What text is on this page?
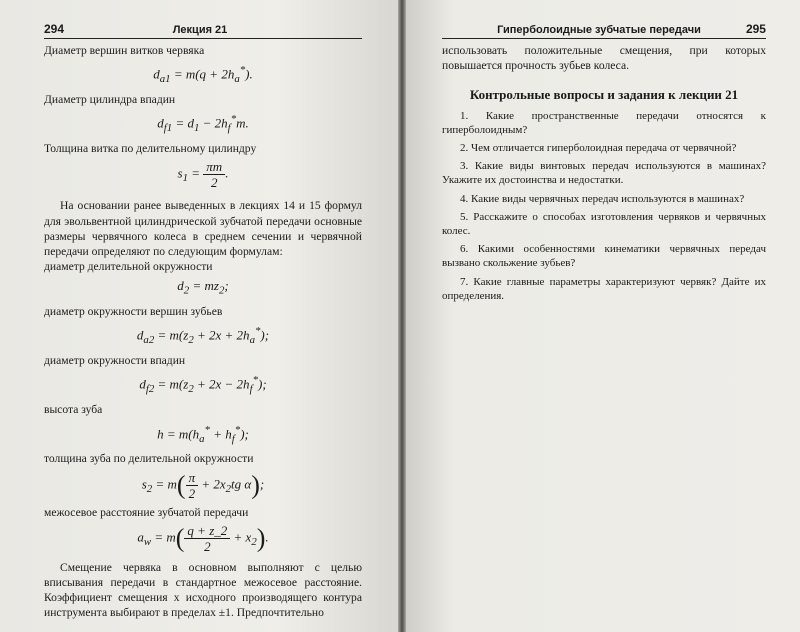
294	Лекция 21

Диаметр вершин витков червяка

$d_{a1} = m(q + 2h_a^*)$.

Диаметр цилиндра впадин

$d_{f1} = d_1 - 2h_f^*m$.

Толщина витка по делительному цилиндру

$s_1 = \frac{\pi m}{2}$ .

На основании ранее выведенных в лекциях 14 и 15 формул для эвольвентной цилиндрической зубчатой передачи основные размеры червячного колеса в среднем сечении и червячной передачи определяют по следующим формулам:

диаметр делительной окружности

$d_2 = mz_2$;

диаметр окружности вершин зубьев

$d_{a2} = m(z_2 + 2x + 2h_a^*)$;

диаметр окружности впадин

$d_{f2} = m(z_2 + 2x - 2h_f^*)$;

высота зуба

$h = m(h_a^* + h_f^*)$;

толщина зуба по делительной окружности

$s_2 = m( \frac{\pi}{2} + 2x_2tg$ α);

межосевое расстояние зубчатой передачи

$a_w = m( \frac{q + z\_2}{2} + x_2)$.

Смещение червяка в основном выполняют с целью вписывания передачи в стандартное межосевое расстояние. Коэффициент смещения x исходного производящего контура инструмента выбирают в пределах ±1. Предпочтительно

Гиперболоидные зубчатые передачи	295

использовать положительные смещения, при которых повышается прочность зубьев колеса.

Контрольные вопросы и задания к лекции 21
1. Какие пространственные передачи относятся к гиперболоидным?
2. Чем отличается гиперболоидная передача от червячной?
3. Какие виды винтовых передач используются в машинах? Укажите их достоинства и недостатки.
4. Какие виды червячных передач используются в машинах?
5. Расскажите о способах изготовления червяков и червячных колес.
6. Какими особенностями кинематики червячных передач вызвано скольжение зубьев?
7. Какие главные параметры характеризуют червяк? Дайте их определения.
